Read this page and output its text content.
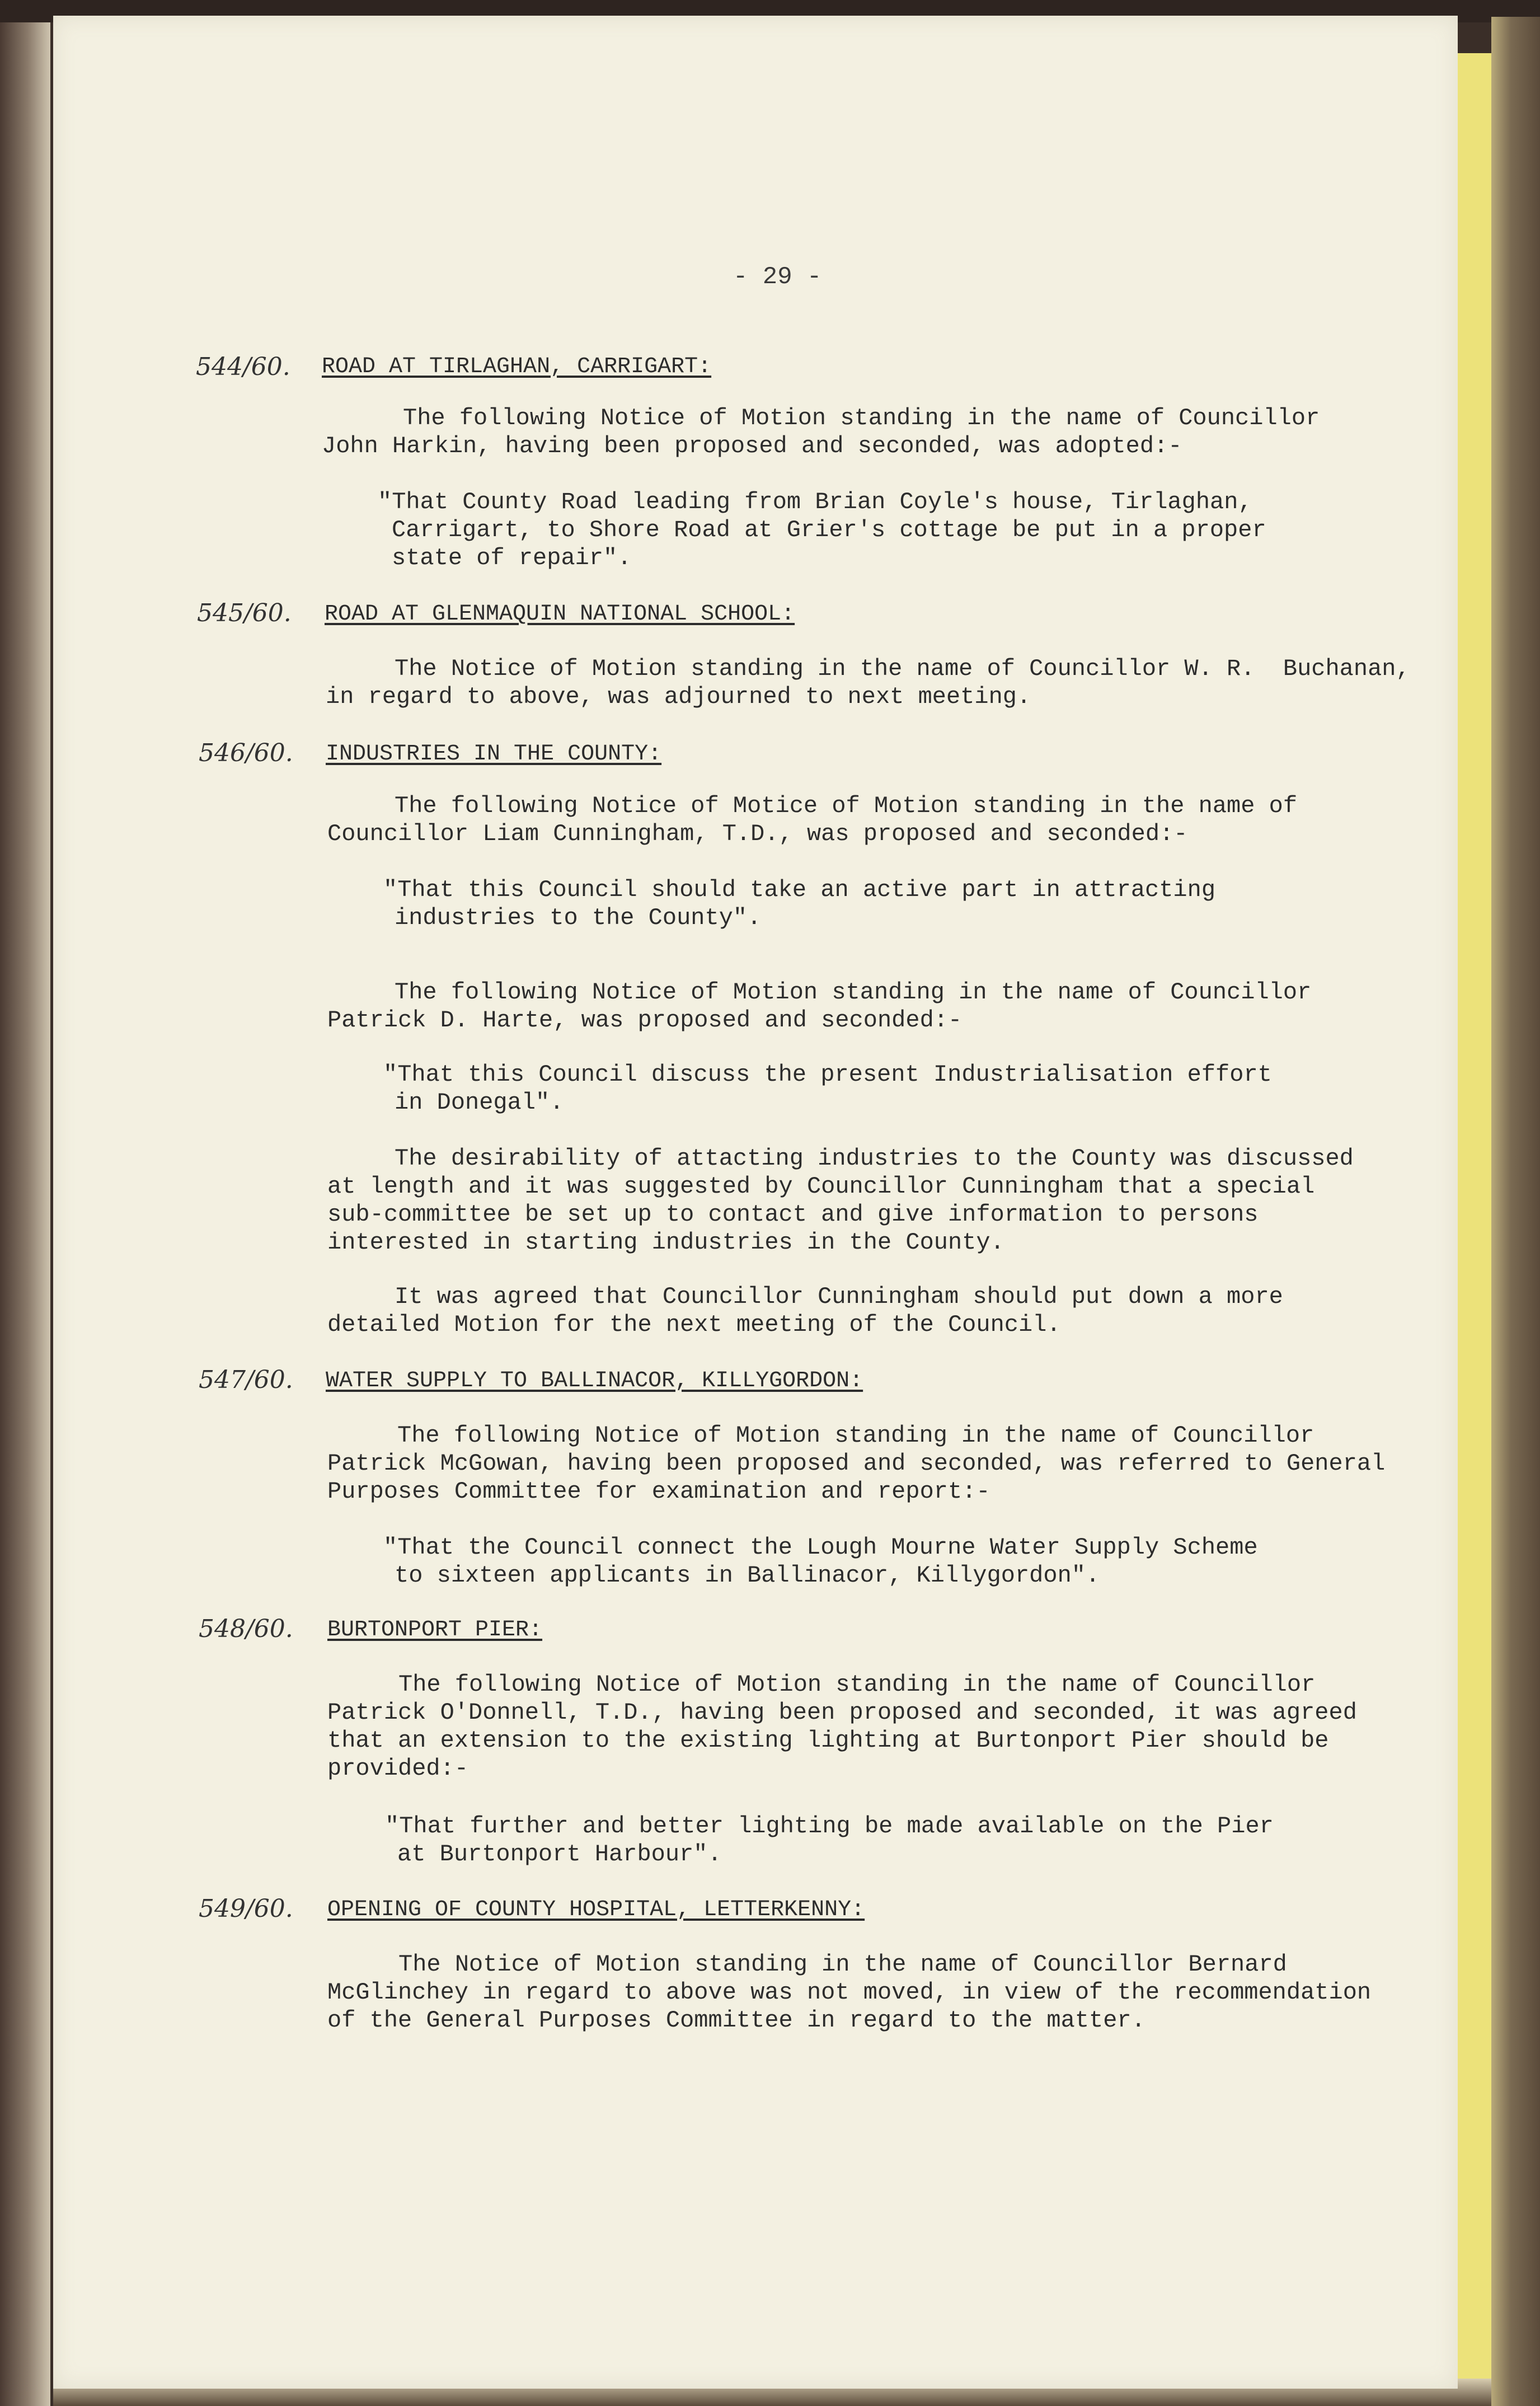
- 29 -

544/60. ROAD AT TIRLAGHAN, CARRIGART:

The following Notice of Motion standing in the name of Councillor

John Harkin, having been proposed and seconded, was adopted:-

"That County Road leading from Brian Coyle's house, Tirlaghan,

Carrigart, to Shore Road at Grier's cottage be put in a proper

state of repair".

545/60. ROAD AT GLENMAQUIN NATIONAL SCHOOL:

The Notice of Motion standing in the name of Councillor W. R.  Buchanan,

in regard to above, was adjourned to next meeting.

546/60. INDUSTRIES IN THE COUNTY:

The following Notice of Motice of Motion standing in the name of

Councillor Liam Cunningham, T.D., was proposed and seconded:-

"That this Council should take an active part in attracting

industries to the County".

The following Notice of Motion standing in the name of Councillor

Patrick D. Harte, was proposed and seconded:-

"That this Council discuss the present Industrialisation effort

in Donegal".

The desirability of attacting industries to the County was discussed

at length and it was suggested by Councillor Cunningham that a special

sub-committee be set up to contact and give information to persons

interested in starting industries in the County.

It was agreed that Councillor Cunningham should put down a more

detailed Motion for the next meeting of the Council.

547/60. WATER SUPPLY TO BALLINACOR, KILLYGORDON:

The following Notice of Motion standing in the name of Councillor

Patrick McGowan, having been proposed and seconded, was referred to General

Purposes Committee for examination and report:-

"That the Council connect the Lough Mourne Water Supply Scheme

to sixteen applicants in Ballinacor, Killygordon".

548/60. BURTONPORT PIER:

The following Notice of Motion standing in the name of Councillor

Patrick O'Donnell, T.D., having been proposed and seconded, it was agreed

that an extension to the existing lighting at Burtonport Pier should be

provided:-

"That further and better lighting be made available on the Pier

at Burtonport Harbour".

549/60. OPENING OF COUNTY HOSPITAL, LETTERKENNY:

The Notice of Motion standing in the name of Councillor Bernard

McGlinchey in regard to above was not moved, in view of the recommendation

of the General Purposes Committee in regard to the matter.
